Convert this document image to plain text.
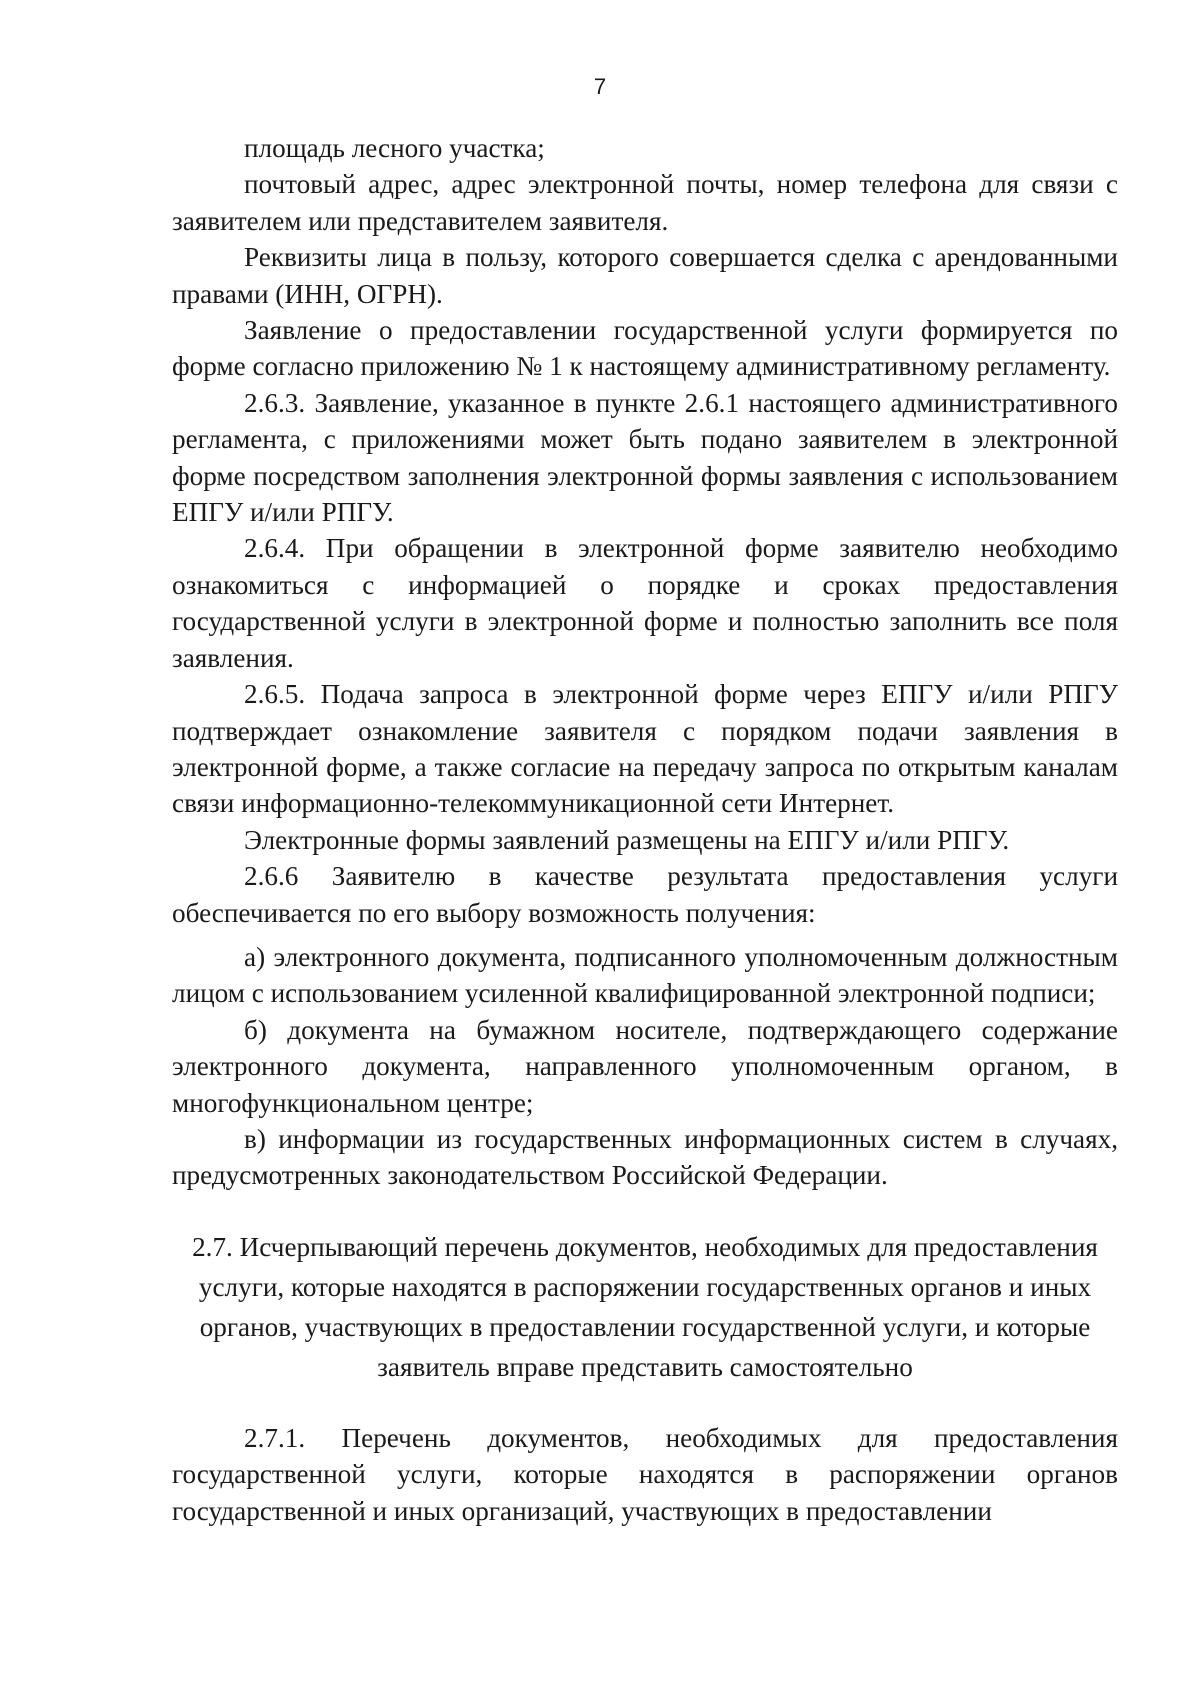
7

площадь лесного участка;

почтовый адрес, адрес электронной почты, номер телефона для связи с заявителем или представителем заявителя.

Реквизиты лица в пользу, которого совершается сделка с арендованными правами (ИНН, ОГРН).

Заявление о предоставлении государственной услуги формируется по форме согласно приложению № 1 к настоящему административному регламенту.

2.6.3. Заявление, указанное в пункте 2.6.1 настоящего административного регламента, с приложениями может быть подано заявителем в электронной форме посредством заполнения электронной формы заявления с использованием ЕПГУ и/или РПГУ.

2.6.4. При обращении в электронной форме заявителю необходимо ознакомиться с информацией о порядке и сроках предоставления государственной услуги в электронной форме и полностью заполнить все поля заявления.

2.6.5. Подача запроса в электронной форме через ЕПГУ и/или РПГУ подтверждает ознакомление заявителя с порядком подачи заявления в электронной форме, а также согласие на передачу запроса по открытым каналам связи информационно-телекоммуникационной сети Интернет.

Электронные формы заявлений размещены на ЕПГУ и/или РПГУ.

2.6.6 Заявителю в качестве результата предоставления услуги обеспечивается по его выбору возможность получения:

а) электронного документа, подписанного уполномоченным должностным лицом с использованием усиленной квалифицированной электронной подписи;

б) документа на бумажном носителе, подтверждающего содержание электронного документа, направленного уполномоченным органом, в многофункциональном центре;

в) информации из государственных информационных систем в случаях, предусмотренных законодательством Российской Федерации.

2.7. Исчерпывающий перечень документов, необходимых для предоставления услуги, которые находятся в распоряжении государственных органов и иных органов, участвующих в предоставлении государственной услуги, и которые заявитель вправе представить самостоятельно

2.7.1. Перечень документов, необходимых для предоставления государственной услуги, которые находятся в распоряжении органов государственной и иных организаций, участвующих в предоставлении
